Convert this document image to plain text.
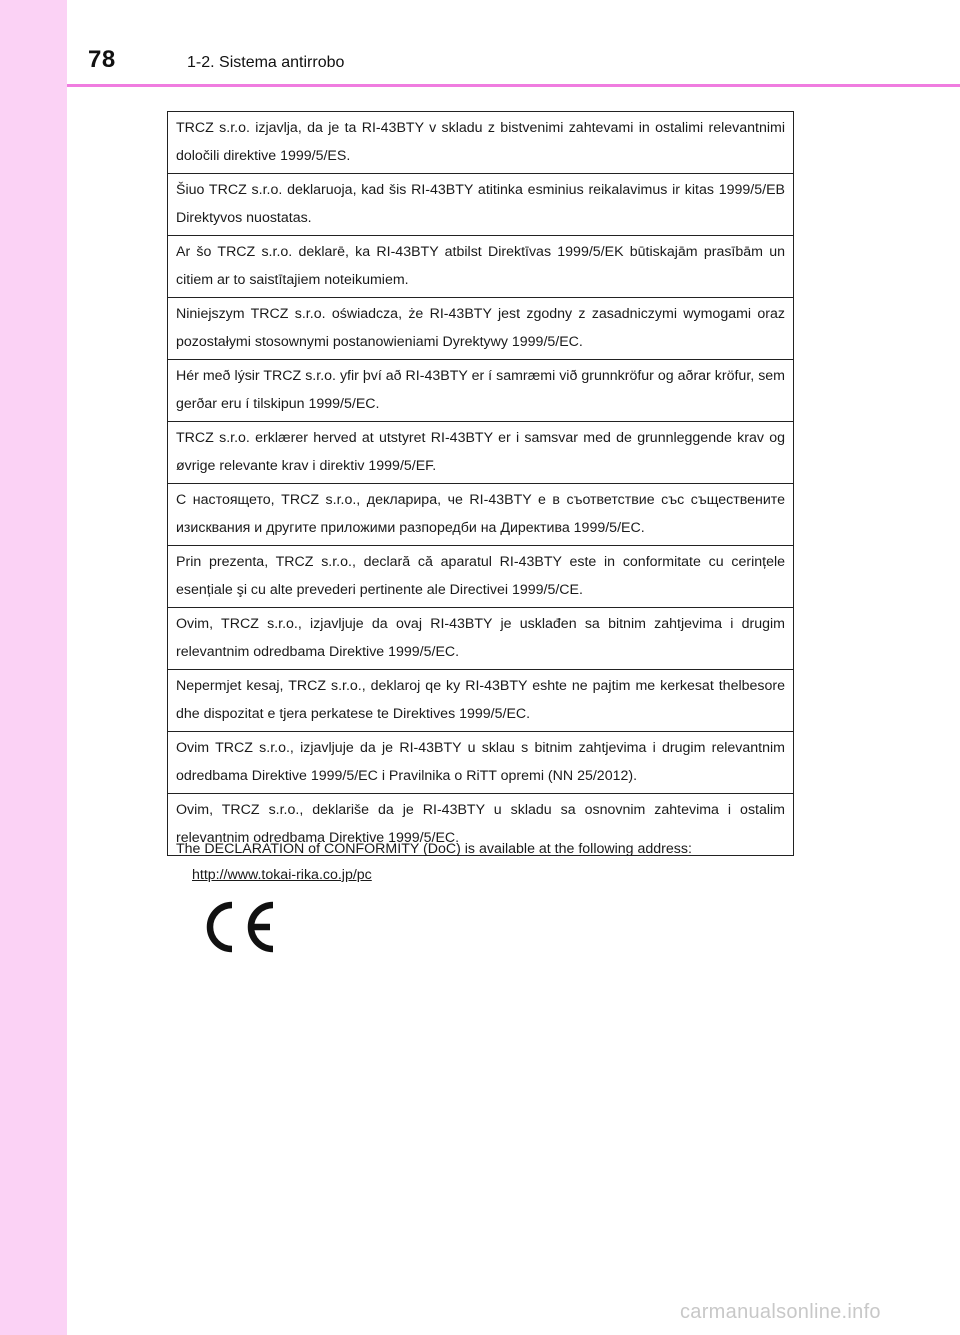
78	1-2. Sistema antirrobo
TRCZ s.r.o. izjavlja, da je ta RI-43BTY v skladu z bistvenimi zahtevami in ostalimi relevantnimi določili direktive 1999/5/ES.
Šiuo TRCZ s.r.o. deklaruoja, kad šis RI-43BTY atitinka esminius reikalavimus ir kitas 1999/5/EB Direktyvos nuostatas.
Ar šo TRCZ s.r.o. deklarē, ka RI-43BTY atbilst Direktīvas 1999/5/EK būtiskajām prasībām un citiem ar to saistītajiem noteikumiem.
Niniejszym TRCZ s.r.o. oświadcza, że RI-43BTY jest zgodny z zasadniczymi wymogami oraz pozostałymi stosownymi postanowieniami Dyrektywy 1999/5/EC.
Hér með lýsir TRCZ s.r.o. yfir því að RI-43BTY er í samræmi við grunnkröfur og aðrar kröfur, sem gerðar eru í tilskipun 1999/5/EC.
TRCZ s.r.o. erklærer herved at utstyret RI-43BTY er i samsvar med de grunnleggende krav og øvrige relevante krav i direktiv 1999/5/EF.
С настоящето, TRCZ s.r.o., декларира, че RI-43BTY е в съответствие със съществените изисквания и другите приложими разпоредби на Директива 1999/5/EC.
Prin prezenta, TRCZ s.r.o., declară că aparatul RI-43BTY este in conformitate cu cerințele esențiale şi cu alte prevederi pertinente ale Directivei 1999/5/CE.
Ovim, TRCZ s.r.o., izjavljuje da ovaj RI-43BTY je usklađen sa bitnim zahtjevima i drugim relevantnim odredbama Direktive 1999/5/EC.
Nepermjet kesaj, TRCZ s.r.o., deklaroj qe ky RI-43BTY eshte ne pajtim me kerkesat thelbesore dhe dispozitat e tjera perkatese te Direktives 1999/5/EC.
Ovim TRCZ s.r.o., izjavljuje da je RI-43BTY u sklau s bitnim zahtjevima i drugim relevantnim odredbama Direktive 1999/5/EC i Pravilnika o RiTT opremi (NN 25/2012).
Ovim, TRCZ s.r.o., deklariše da je RI-43BTY u skladu sa osnovnim zahtevima i ostalim relevantnim odredbama Direktive 1999/5/EC.
The DECLARATION of CONFORMITY (DoC) is available at the following address:
http://www.tokai-rika.co.jp/pc
carmanualsonline.info
